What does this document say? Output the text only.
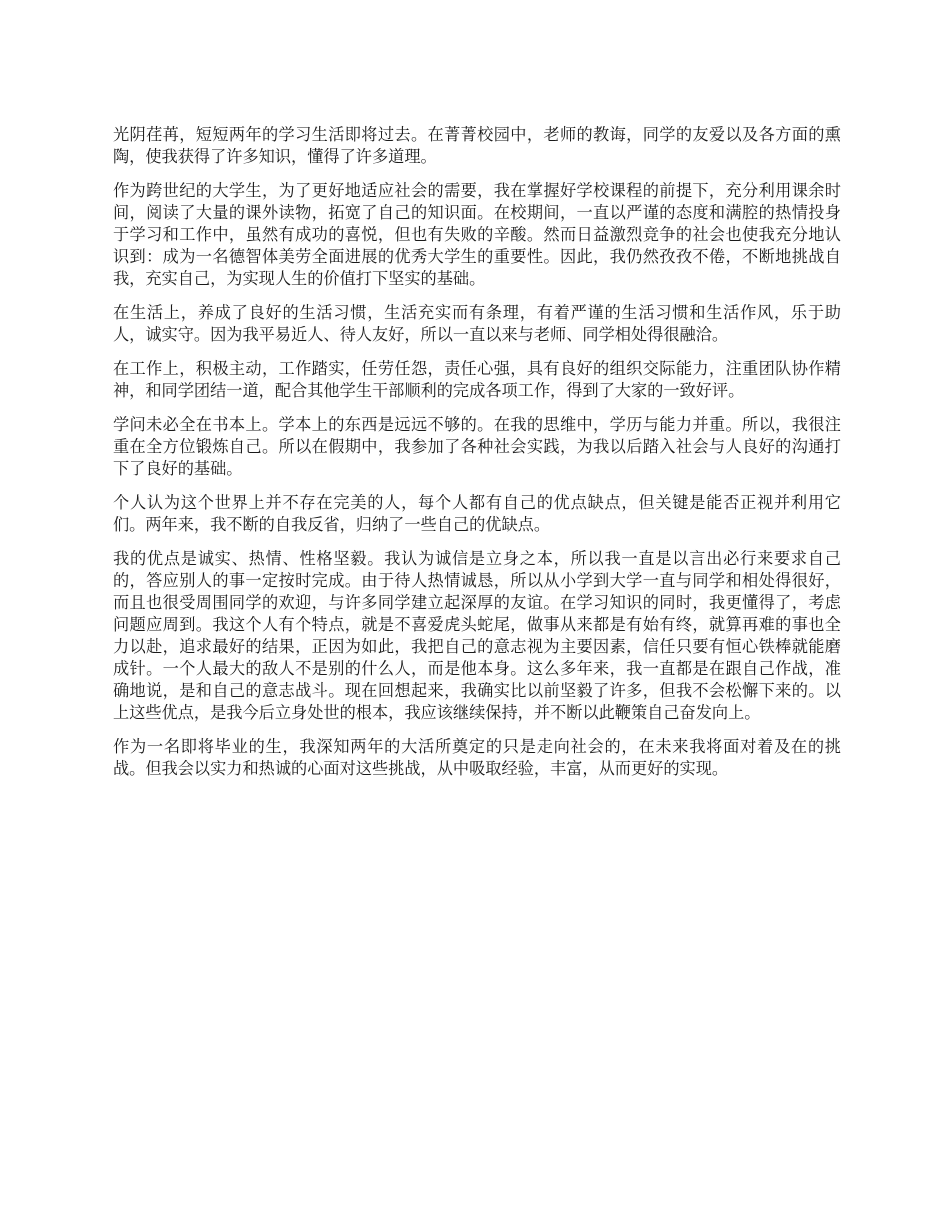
光阴荏苒，短短两年的学习生活即将过去。在菁菁校园中，老师的教诲，同学的友爱以及各方面的熏陶，使我获得了许多知识，懂得了许多道理。

作为跨世纪的大学生，为了更好地适应社会的需要，我在掌握好学校课程的前提下，充分利用课余时间，阅读了大量的课外读物，拓宽了自己的知识面。在校期间，一直以严谨的态度和满腔的热情投身于学习和工作中，虽然有成功的喜悦，但也有失败的辛酸。然而日益激烈竞争的社会也使我充分地认识到：成为一名德智体美劳全面进展的优秀大学生的重要性。因此，我仍然孜孜不倦，不断地挑战自我，充实自己，为实现人生的价值打下坚实的基础。

在生活上，养成了良好的生活习惯，生活充实而有条理，有着严谨的生活习惯和生活作风，乐于助人，诚实守。因为我平易近人、待人友好，所以一直以来与老师、同学相处得很融洽。

在工作上，积极主动，工作踏实，任劳任怨，责任心强，具有良好的组织交际能力，注重团队协作精神，和同学团结一道，配合其他学生干部顺利的完成各项工作，得到了大家的一致好评。

学问未必全在书本上。学本上的东西是远远不够的。在我的思维中，学历与能力并重。所以，我很注重在全方位锻炼自己。所以在假期中，我参加了各种社会实践，为我以后踏入社会与人良好的沟通打下了良好的基础。

个人认为这个世界上并不存在完美的人，每个人都有自己的优点缺点，但关键是能否正视并利用它们。两年来，我不断的自我反省，归纳了一些自己的优缺点。

我的优点是诚实、热情、性格坚毅。我认为诚信是立身之本，所以我一直是以言出必行来要求自己的，答应别人的事一定按时完成。由于待人热情诚恳，所以从小学到大学一直与同学和相处得很好，而且也很受周围同学的欢迎，与许多同学建立起深厚的友谊。在学习知识的同时，我更懂得了，考虑问题应周到。我这个人有个特点，就是不喜爱虎头蛇尾，做事从来都是有始有终，就算再难的事也全力以赴，追求最好的结果，正因为如此，我把自己的意志视为主要因素，信任只要有恒心铁棒就能磨成针。一个人最大的敌人不是别的什么人，而是他本身。这么多年来，我一直都是在跟自己作战，准确地说，是和自己的意志战斗。现在回想起来，我确实比以前坚毅了许多，但我不会松懈下来的。以上这些优点，是我今后立身处世的根本，我应该继续保持，并不断以此鞭策自己奋发向上。

作为一名即将毕业的生，我深知两年的大活所奠定的只是走向社会的，在未来我将面对着及在的挑战。但我会以实力和热诚的心面对这些挑战，从中吸取经验，丰富，从而更好的实现。
